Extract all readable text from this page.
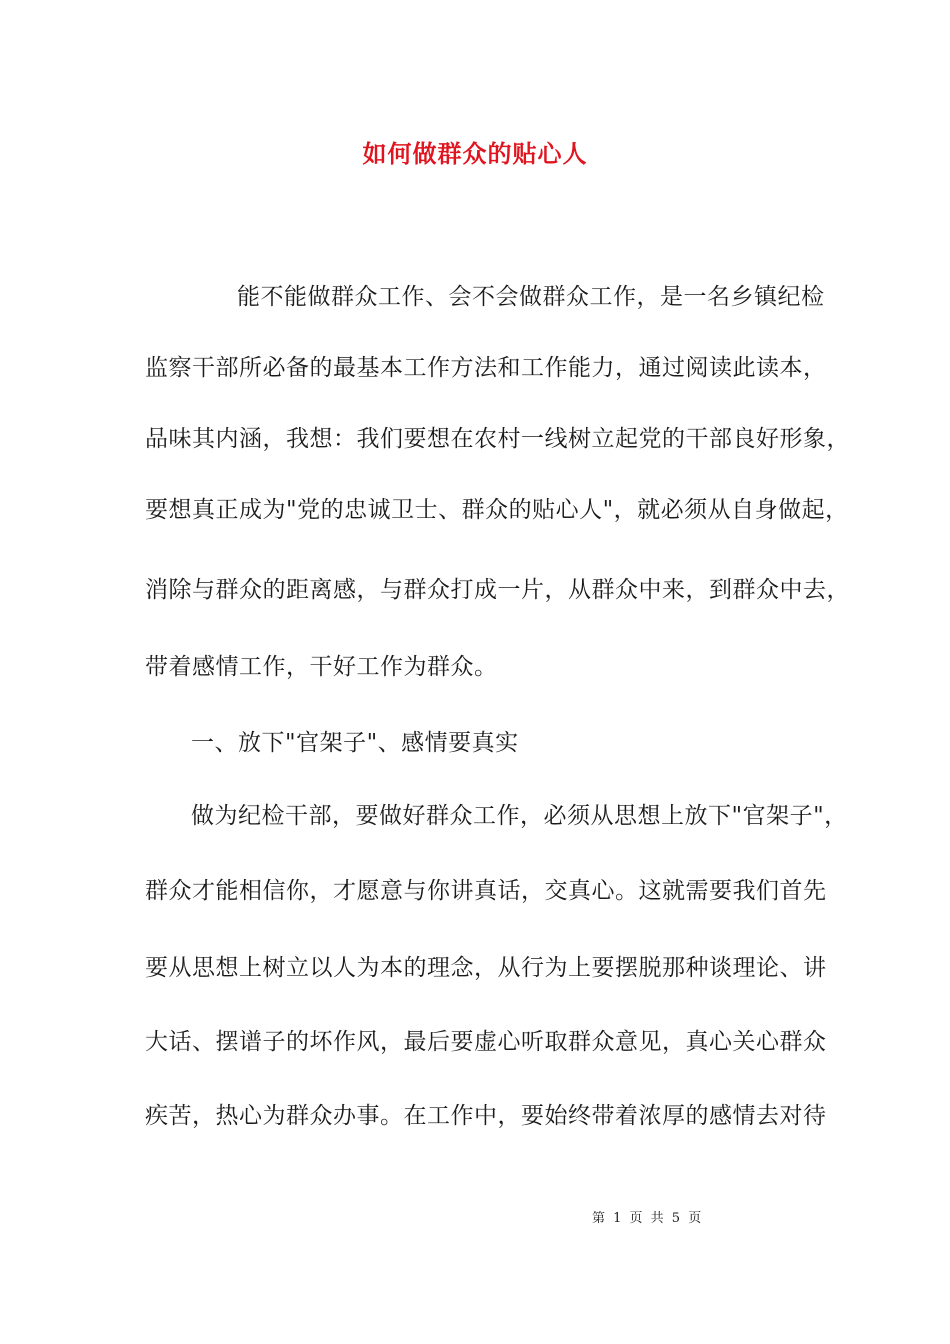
如何做群众的贴心人
能不能做群众工作、会不会做群众工作，是一名乡镇纪检
监察干部所必备的最基本工作方法和工作能力，通过阅读此读本，
品味其内涵，我想：我们要想在农村一线树立起党的干部良好形象，
要想真正成为"党的忠诚卫士、群众的贴心人"，就必须从自身做起，
消除与群众的距离感，与群众打成一片，从群众中来，到群众中去，
带着感情工作，干好工作为群众。
一、放下"官架子"、感情要真实
做为纪检干部，要做好群众工作，必须从思想上放下"官架子"，
群众才能相信你，才愿意与你讲真话，交真心。这就需要我们首先
要从思想上树立以人为本的理念，从行为上要摆脱那种谈理论、讲
大话、摆谱子的坏作风，最后要虚心听取群众意见，真心关心群众
疾苦，热心为群众办事。在工作中，要始终带着浓厚的感情去对待
第 1 页 共 5 页
